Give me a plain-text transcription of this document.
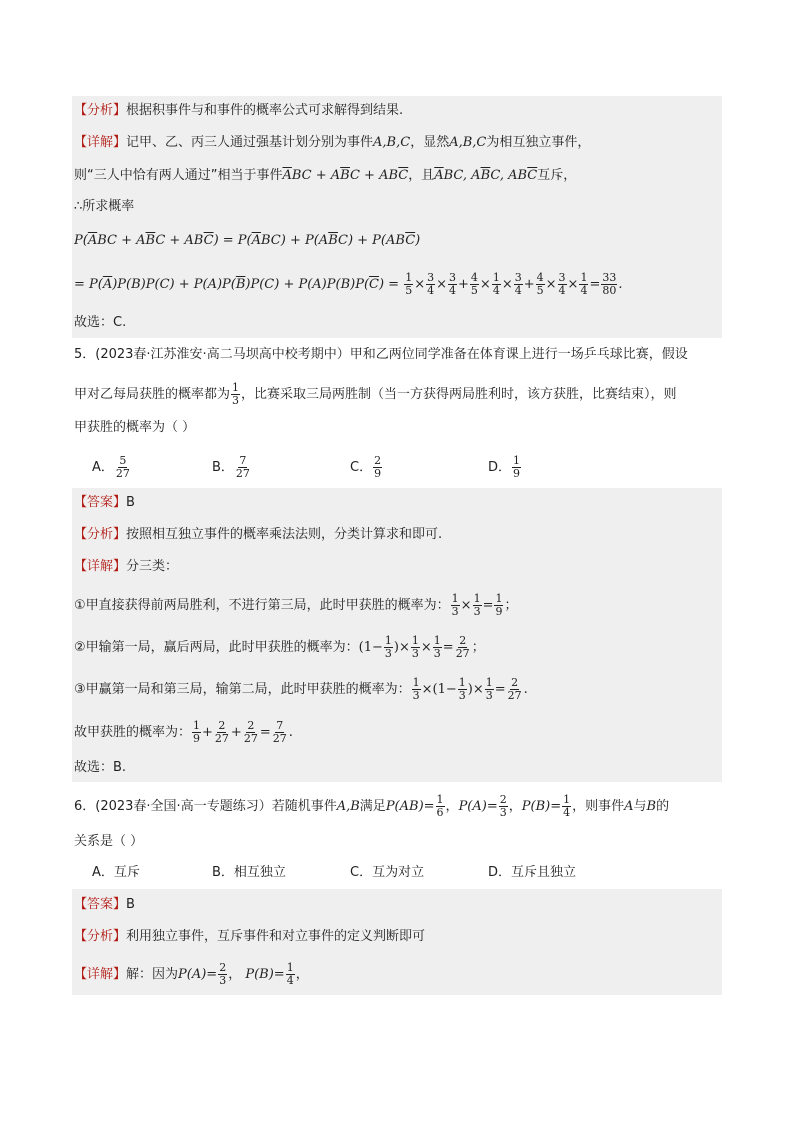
【分析】根据积事件与和事件的概率公式可求解得到结果.
【详解】记甲、乙、丙三人通过强基计划分别为事件A,B,C，显然A,B,C为相互独立事件，
则“三人中恰有两人通过”相当于事件$\overline{A}BC + A\overline{B}C + AB\overline{C}$，且$\overline{A}BC$, $A\overline{B}C$, $AB\overline{C}$互斥，
∴所求概率
$P(\overline{A}BC + A\overline{B}C + AB\overline{C}) = P(\overline{A}BC) + P(A\overline{B}C) + P(AB\overline{C})$
= $P(\overline{A})P(B)P(C) + P(A)P(\overline{B})P(C) + P(A)P(B)P(\overline{C}) = \frac{1}{5} \times \frac{3}{4} \times \frac{3}{4} + \frac{4}{5} \times \frac{1}{4} \times \frac{3}{4} + \frac{4}{5} \times \frac{3}{4} \times \frac{1}{4} = \frac{33}{80}$ .
故选：C.
5．(2023春·江苏淮安·高二马坝高中校考期中）甲和乙两位同学准备在体育课上进行一场乒乓球比赛，假设
甲对乙每局获胜的概率都为 $\frac{1}{3}$ ，比赛采取三局两胜制（当一方获得两局胜利时，该方获胜，比赛结束），则
甲获胜的概率为（ ）
A． $\frac{5}{27}$	B． $\frac{7}{27}$	C． $\frac{2}{9}$	D． $\frac{1}{9}$
【答案】B
【分析】按照相互独立事件的概率乘法法则，分类计算求和即可.
【详解】分三类：
①甲直接获得前两局胜利，不进行第三局，此时甲获胜的概率为： $\frac{1}{3} \times \frac{1}{3} = \frac{1}{9}$ ；
②甲输第一局，赢后两局，此时甲获胜的概率为：($1- \frac{1}{3}$ )× $\frac{1}{3} \times \frac{1}{3} = \frac{2}{27}$ ；
③甲赢第一局和第三局，输第二局，此时甲获胜的概率为： $\frac{1}{3} \times(1- \frac{1}{3}$ )× $\frac{1}{3} = \frac{2}{27}$ .
故甲获胜的概率为： $\frac{1}{9} + \frac{2}{27} + \frac{2}{27} = \frac{7}{27}$ .
故选：B.
6．(2023春·全国·高一专题练习）若随机事件A,B满足$P(AB)= \frac{1}{6}$ ，$P(A)= \frac{2}{3}$ ，$P(B)= \frac{1}{4}$ ，则事件A与B的
关系是（ ）
A．互斥	B．相互独立	C．互为对立	D．互斥且独立
【答案】B
【分析】利用独立事件，互斥事件和对立事件的定义判断即可
【详解】解：因为$P(A)= \frac{2}{3}$ ， $P(B)= \frac{1}{4}$ ，
